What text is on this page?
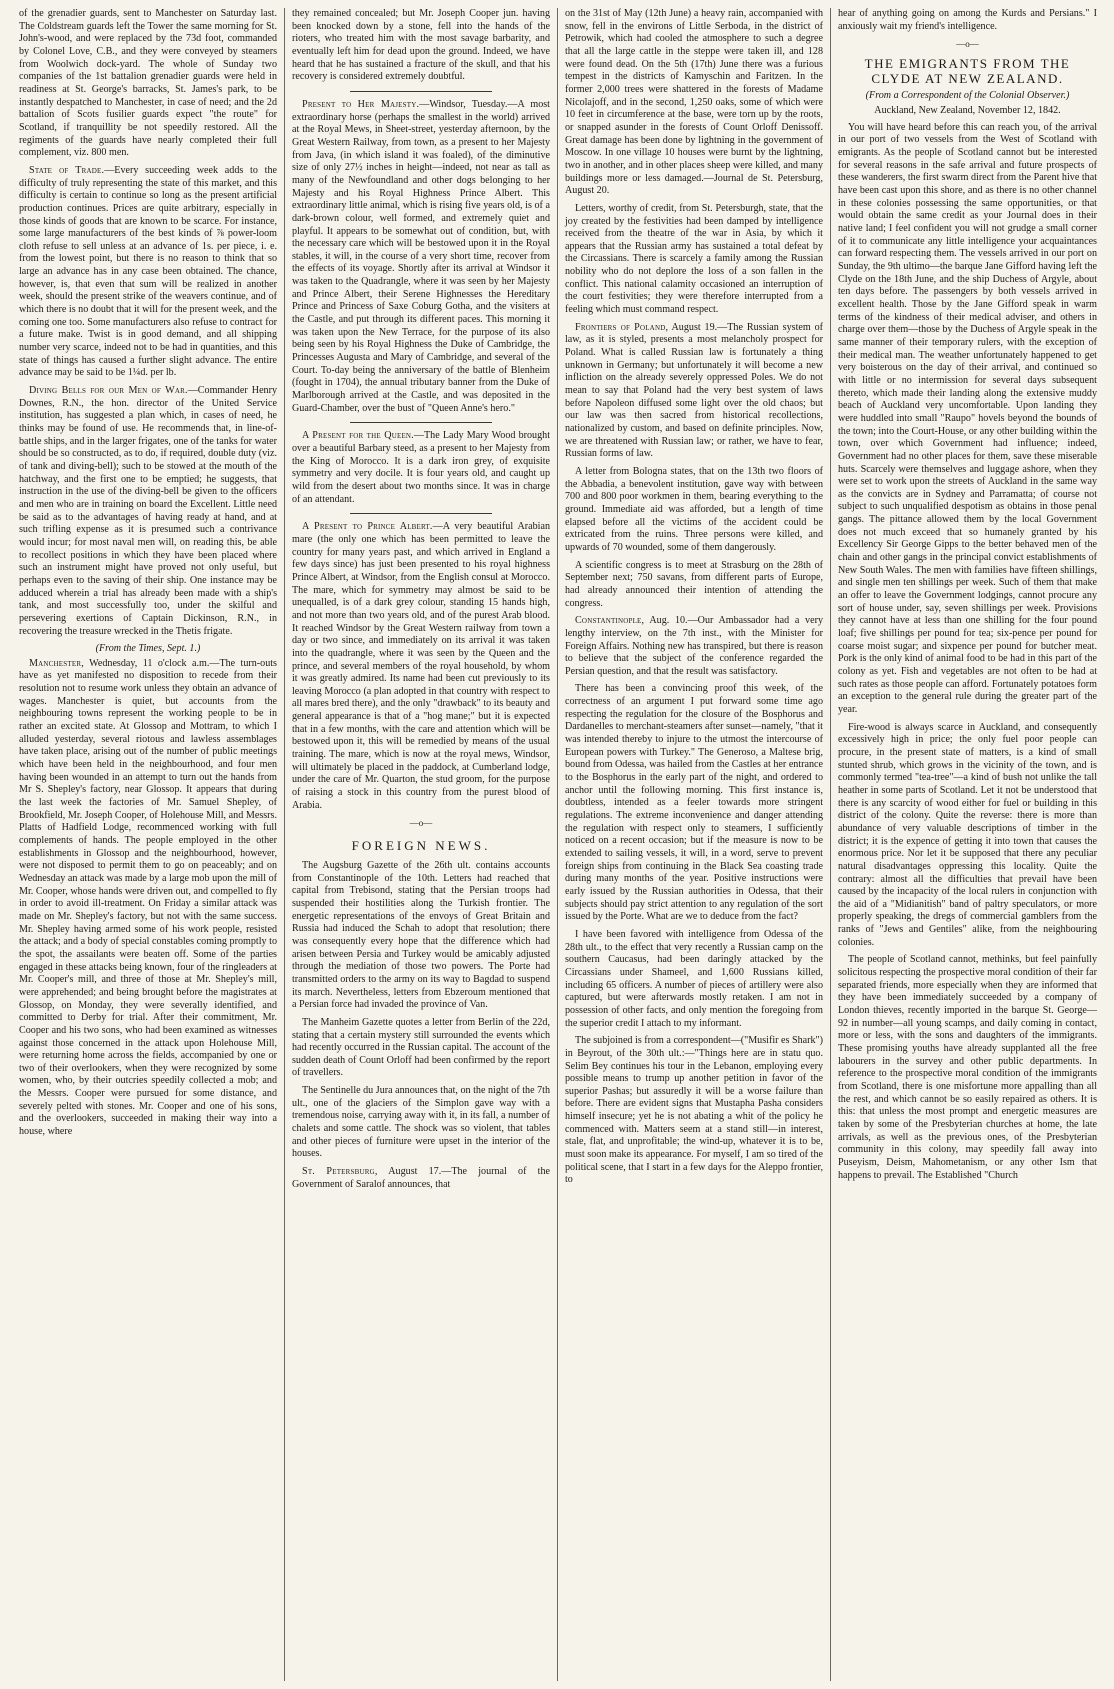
of the grenadier guards, sent to Manchester on Saturday last. The Coldstream guards left the Tower the same morning for St. John's-wood, and were replaced by the 73d foot, commanded by Colonel Love, C.B., and they were conveyed by steamers from Woolwich dock-yard. The whole of Sunday two companies of the 1st battalion grenadier guards were held in readiness at St. George's barracks, St. James's park, to be instantly despatched to Manchester, in case of need; and the 2d battalion of Scots fusilier guards expect "the route" for Scotland, if tranquillity be not speedily restored. All the regiments of the guards have nearly completed their full complement, viz. 800 men.

State of Trade.—Every succeeding week adds to the difficulty of truly representing the state of this market, and this difficulty is certain to continue so long as the present artificial production continues. Prices are quite arbitrary, especially in those kinds of goods that are known to be scarce. For instance, some large manufacturers of the best kinds of ⅞ power-loom cloth refuse to sell unless at an advance of 1s. per piece, i. e. from the lowest point, but there is no reason to think that so large an advance has in any case been obtained. The chance, however, is, that even that sum will be realized in another week, should the present strike of the weavers continue, and of which there is no doubt that it will for the present week, and the coming one too. Some manufacturers also refuse to contract for a future make. Twist is in good demand, and all shipping number very scarce, indeed not to be had in quantities, and this state of things has caused a further slight advance. The entire advance may be said to be 1¼d. per lb.

Diving Bells for our Men of War.—Commander Henry Downes, R.N., the hon. director of the United Service institution, has suggested a plan which, in cases of need, he thinks may be found of use. He recommends that, in line-of-battle ships, and in the larger frigates, one of the tanks for water should be so constructed, as to do, if required, double duty (viz. of tank and diving-bell); such to be stowed at the mouth of the hatchway, and the first one to be emptied; he suggests, that instruction in the use of the diving-bell be given to the officers and men who are in training on board the Excellent. Little need be said as to the advantages of having ready at hand, and at such trifling expense as it is presumed such a contrivance would incur; for most naval men will, on reading this, be able to recollect positions in which they have been placed where such an instrument might have proved not only useful, but perhaps even to the saving of their ship. One instance may be adduced wherein a trial has already been made with a ship's tank, and most successfully too, under the skilful and persevering exertions of Captain Dickinson, R.N., in recovering the treasure wrecked in the Thetis frigate.

(From the Times, Sept. 1.)

Manchester, Wednesday, 11 o'clock a.m.—The turn-outs have as yet manifested no disposition to recede from their resolution not to resume work unless they obtain an advance of wages. Manchester is quiet, but accounts from the neighbouring towns represent the working people to be in rather an excited state. At Glossop and Mottram, to which I alluded yesterday, several riotous and lawless assemblages have taken place, arising out of the number of public meetings which have been held in the neighbourhood, and four men having been wounded in an attempt to turn out the hands from Mr S. Shepley's factory, near Glossop. It appears that during the last week the factories of Mr. Samuel Shepley, of Brookfield, Mr. Joseph Cooper, of Holehouse Mill, and Messrs. Platts of Hadfield Lodge, recommenced working with full complements of hands. The people employed in the other establishments in Glossop and the neighbourhood, however, were not disposed to permit them to go on peaceably; and on Wednesday an attack was made by a large mob upon the mill of Mr. Cooper, whose hands were driven out, and compelled to fly in order to avoid ill-treatment. On Friday a similar attack was made on Mr. Shepley's factory, but not with the same success. Mr. Shepley having armed some of his work people, resisted the attack; and a body of special constables coming promptly to the spot, the assailants were beaten off. Some of the parties engaged in these attacks being known, four of the ringleaders at Mr. Cooper's mill, and three of those at Mr. Shepley's mill, were apprehended; and being brought before the magistrates at Glossop, on Monday, they were severally identified, and committed to Derby for trial. After their commitment, Mr. Cooper and his two sons, who had been examined as witnesses against those concerned in the attack upon Holehouse Mill, were returning home across the fields, accompanied by one or two of their overlookers, when they were recognized by some women, who, by their outcries speedily collected a mob; and the Messrs. Cooper were pursued for some distance, and severely pelted with stones. Mr. Cooper and one of his sons, and the overlookers, succeeded in making their way into a house, where

they remained concealed; but Mr. Joseph Cooper jun. having been knocked down by a stone, fell into the hands of the rioters, who treated him with the most savage barbarity, and eventually left him for dead upon the ground. Indeed, we have heard that he has sustained a fracture of the skull, and that his recovery is considered extremely doubtful.

Present to Her Majesty.—Windsor, Tuesday.—A most extraordinary horse (perhaps the smallest in the world) arrived at the Royal Mews, in Sheet-street, yesterday afternoon, by the Great Western Railway, from town, as a present to her Majesty from Java, (in which island it was foaled), of the diminutive size of only 27½ inches in height—indeed, not near as tall as many of the Newfoundland and other dogs belonging to her Majesty and his Royal Highness Prince Albert. This extraordinary little animal, which is rising five years old, is of a dark-brown colour, well formed, and extremely quiet and playful. It appears to be somewhat out of condition, but, with the necessary care which will be bestowed upon it in the Royal stables, it will, in the course of a very short time, recover from the effects of its voyage. Shortly after its arrival at Windsor it was taken to the Quadrangle, where it was seen by her Majesty and Prince Albert, their Serene Highnesses the Hereditary Prince and Princess of Saxe Coburg Gotha, and the visiters at the Castle, and put through its different paces. This morning it was taken upon the New Terrace, for the purpose of its also being seen by his Royal Highness the Duke of Cambridge, the Princesses Augusta and Mary of Cambridge, and several of the Court. To-day being the anniversary of the battle of Blenheim (fought in 1704), the annual tributary banner from the Duke of Marlborough arrived at the Castle, and was deposited in the Guard-Chamber, over the bust of "Queen Anne's hero."

A Present for the Queen.—The Lady Mary Wood brought over a beautiful Barbary steed, as a present to her Majesty from the King of Morocco. It is a dark iron grey, of exquisite symmetry and very docile. It is four years old, and caught up wild from the desert about two months since. It was in charge of an attendant.

A Present to Prince Albert.—A very beautiful Arabian mare (the only one which has been permitted to leave the country for many years past, and which arrived in England a few days since) has just been presented to his royal highness Prince Albert, at Windsor, from the English consul at Morocco. The mare, which for symmetry may almost be said to be unequalled, is of a dark grey colour, standing 15 hands high, and not more than two years old, and of the purest Arab blood. It reached Windsor by the Great Western railway from town a day or two since, and immediately on its arrival it was taken into the quadrangle, where it was seen by the Queen and the prince, and several members of the royal household, by whom it was greatly admired. Its name had been cut previously to its leaving Morocco (a plan adopted in that country with respect to all mares bred there), and the only "drawback" to its beauty and general appearance is that of a "hog mane;" but it is expected that in a few months, with the care and attention which will be bestowed upon it, this will be remedied by means of the usual training. The mare, which is now at the royal mews, Windsor, will ultimately be placed in the paddock, at Cumberland lodge, under the care of Mr. Quarton, the stud groom, for the purpose of raising a stock in this country from the purest blood of Arabia.

—o—
FOREIGN NEWS.

The Augsburg Gazette of the 26th ult. contains accounts from Constantinople of the 10th. Letters had reached that capital from Trebisond, stating that the Persian troops had suspended their hostilities along the Turkish frontier. The energetic representations of the envoys of Great Britain and Russia had induced the Schah to adopt that resolution; there was consequently every hope that the difference which had arisen between Persia and Turkey would be amicably adjusted through the mediation of those two powers. The Porte had transmitted orders to the army on its way to Bagdad to suspend its march. Nevertheless, letters from Ebzeroum mentioned that a Persian force had invaded the province of Van.

The Manheim Gazette quotes a letter from Berlin of the 22d, stating that a certain mystery still surrounded the events which had recently occurred in the Russian capital. The account of the sudden death of Count Orloff had been confirmed by the report of travellers.

The Sentinelle du Jura announces that, on the night of the 7th ult., one of the glaciers of the Simplon gave way with a tremendous noise, carrying away with it, in its fall, a number of chalets and some cattle. The shock was so violent, that tables and other pieces of furniture were upset in the interior of the houses.

St. Petersburg, August 17.—The journal of the Government of Saralof announces, that

on the 31st of May (12th June) a heavy rain, accompanied with snow, fell in the environs of Little Serboda, in the district of Petrowik, which had cooled the atmosphere to such a degree that all the large cattle in the steppe were taken ill, and 128 were found dead. On the 5th (17th) June there was a furious tempest in the districts of Kamyschin and Faritzen. In the former 2,000 trees were shattered in the forests of Madame Nicolajoff, and in the second, 1,250 oaks, some of which were 10 feet in circumference at the base, were torn up by the roots, or snapped asunder in the forests of Count Orloff Denissoff. Great damage has been done by lightning in the government of Moscow. In one village 10 houses were burnt by the lightning, two in another, and in other places sheep were killed, and many buildings more or less damaged.—Journal de St. Petersburg, August 20.

Letters, worthy of credit, from St. Petersburgh, state, that the joy created by the festivities had been damped by intelligence received from the theatre of the war in Asia, by which it appears that the Russian army has sustained a total defeat by the Circassians. There is scarcely a family among the Russian nobility who do not deplore the loss of a son fallen in the conflict. This national calamity occasioned an interruption of the court festivities; they were therefore interrupted from a feeling which must command respect.

Frontiers of Poland, August 19.—The Russian system of law, as it is styled, presents a most melancholy prospect for Poland. What is called Russian law is fortunately a thing unknown in Germany; but unfortunately it will become a new infliction on the already severely oppressed Poles. We do not mean to say that Poland had the very best system of laws before Napoleon diffused some light over the old chaos; but our law was then sacred from historical recollections, nationalized by custom, and based on definite principles. Now, we are threatened with Russian law; or rather, we have to fear, Russian forms of law.

A letter from Bologna states, that on the 13th two floors of the Abbadia, a benevolent institution, gave way with between 700 and 800 poor workmen in them, bearing everything to the ground. Immediate aid was afforded, but a length of time elapsed before all the victims of the accident could be extricated from the ruins. Three persons were killed, and upwards of 70 wounded, some of them dangerously.

A scientific congress is to meet at Strasburg on the 28th of September next; 750 savans, from different parts of Europe, had already announced their intention of attending the congress.

Constantinople, Aug. 10.—Our Ambassador had a very lengthy interview, on the 7th inst., with the Minister for Foreign Affairs. Nothing new has transpired, but there is reason to believe that the subject of the conference regarded the Persian question, and that the result was satisfactory.

There has been a convincing proof this week, of the correctness of an argument I put forward some time ago respecting the regulation for the closure of the Bosphorus and Dardanelles to merchant-steamers after sunset—namely, "that it was intended thereby to injure to the utmost the intercourse of European powers with Turkey." The Generoso, a Maltese brig, bound from Odessa, was hailed from the Castles at her entrance to the Bosphorus in the early part of the night, and ordered to anchor until the following morning. This first instance is, doubtless, intended as a feeler towards more stringent regulations. The extreme inconvenience and danger attending the regulation with respect only to steamers, I sufficiently noticed on a recent occasion; but if the measure is now to be extended to sailing vessels, it will, in a word, serve to prevent foreign ships from continuing in the Black Sea coasting trade during many months of the year. Positive instructions were early issued by the Russian authorities in Odessa, that their subjects should pay strict attention to any regulation of the sort issued by the Porte. What are we to deduce from the fact?

I have been favored with intelligence from Odessa of the 28th ult., to the effect that very recently a Russian camp on the southern Caucasus, had been daringly attacked by the Circassians under Shameel, and 1,600 Russians killed, including 65 officers. A number of pieces of artillery were also captured, but were afterwards mostly retaken. I am not in possession of other facts, and only mention the foregoing from the superior credit I attach to my informant.

The subjoined is from a correspondent—("Musifir es Shark") in Beyrout, of the 30th ult.:—"Things here are in statu quo. Selim Bey continues his tour in the Lebanon, employing every possible means to trump up another petition in favor of the superior Pashas; but assuredly it will be a worse failure than before. There are evident signs that Mustapha Pasha considers himself insecure; yet he is not abating a whit of the policy he commenced with. Matters seem at a stand still—in interest, stale, flat, and unprofitable; the wind-up, whatever it is to be, must soon make its appearance. For myself, I am so tired of the political scene, that I start in a few days for the Aleppo frontier, to

hear of anything going on among the Kurds and Persians." I anxiously wait my friend's intelligence.

—o—
THE EMIGRANTS FROM THE CLYDE AT NEW ZEALAND.
(From a Correspondent of the Colonial Observer.)
Auckland, New Zealand, November 12, 1842.

You will have heard before this can reach you, of the arrival in our port of two vessels from the West of Scotland with emigrants. As the people of Scotland cannot but be interested for several reasons in the safe arrival and future prospects of these wanderers, the first swarm direct from the Parent hive that have been cast upon this shore, and as there is no other channel in these colonies possessing the same opportunities, or that would obtain the same credit as your Journal does in their native land; I feel confident you will not grudge a small corner of it to communicate any little intelligence your acquaintances can forward respecting them. The vessels arrived in our port on Sunday, the 9th ultimo—the barque Jane Gifford having left the Clyde on the 18th June, and the ship Duchess of Argyle, about ten days before. The passengers by both vessels arrived in excellent health. Those by the Jane Gifford speak in warm terms of the kindness of their medical adviser, and others in charge over them—those by the Duchess of Argyle speak in the same manner of their temporary rulers, with the exception of their medical man. The weather unfortunately happened to get very boisterous on the day of their arrival, and continued so with little or no intermission for several days subsequent thereto, which made their landing along the extensive muddy beach of Auckland very uncomfortable. Upon landing they were huddled into small "Raupo" hovels beyond the bounds of the town; into the Court-House, or any other building within the town, over which Government had influence; indeed, Government had no other places for them, save these miserable huts. Scarcely were themselves and luggage ashore, when they were set to work upon the streets of Auckland in the same way as the convicts are in Sydney and Parramatta; of course not subject to such unqualified despotism as obtains in those penal gangs. The pittance allowed them by the local Government does not much exceed that so humanely granted by his Excellency Sir George Gipps to the better behaved men of the chain and other gangs in the principal convict establishments of New South Wales. The men with families have fifteen shillings, and single men ten shillings per week. Such of them that make an offer to leave the Government lodgings, cannot procure any sort of house under, say, seven shillings per week. Provisions they cannot have at less than one shilling for the four pound loaf; five shillings per pound for tea; six-pence per pound for coarse moist sugar; and sixpence per pound for butcher meat. Pork is the only kind of animal food to be had in this part of the colony as yet. Fish and vegetables are not often to be had at such rates as those people can afford. Fortunately potatoes form an exception to the general rule during the greater part of the year.

Fire-wood is always scarce in Auckland, and consequently excessively high in price; the only fuel poor people can procure, in the present state of matters, is a kind of small stunted shrub, which grows in the vicinity of the town, and is commonly termed "tea-tree"—a kind of bush not unlike the tall heather in some parts of Scotland. Let it not be understood that there is any scarcity of wood either for fuel or building in this district of the colony. Quite the reverse: there is more than abundance of very valuable descriptions of timber in the district; it is the expence of getting it into town that causes the enormous price. Nor let it be supposed that there any peculiar natural disadvantages oppressing this locality. Quite the contrary: almost all the difficulties that prevail have been caused by the incapacity of the local rulers in conjunction with the aid of a "Midianitish" band of paltry speculators, or more properly speaking, the dregs of commercial gamblers from the ranks of "Jews and Gentiles" alike, from the neighbouring colonies.

The people of Scotland cannot, methinks, but feel painfully solicitous respecting the prospective moral condition of their far separated friends, more especially when they are informed that they have been immediately succeeded by a company of London thieves, recently imported in the barque St. George—92 in number—all young scamps, and daily coming in contact, more or less, with the sons and daughters of the immigrants. These promising youths have already supplanted all the free labourers in the survey and other public departments. In reference to the prospective moral condition of the immigrants from Scotland, there is one misfortune more appalling than all the rest, and which cannot be so easily repaired as others. It is this: that unless the most prompt and energetic measures are taken by some of the Presbyterian churches at home, the late arrivals, as well as the previous ones, of the Presbyterian community in this colony, may speedily fall away into Puseyism, Deism, Mahometanism, or any other Ism that happens to prevail. The Established "Church
